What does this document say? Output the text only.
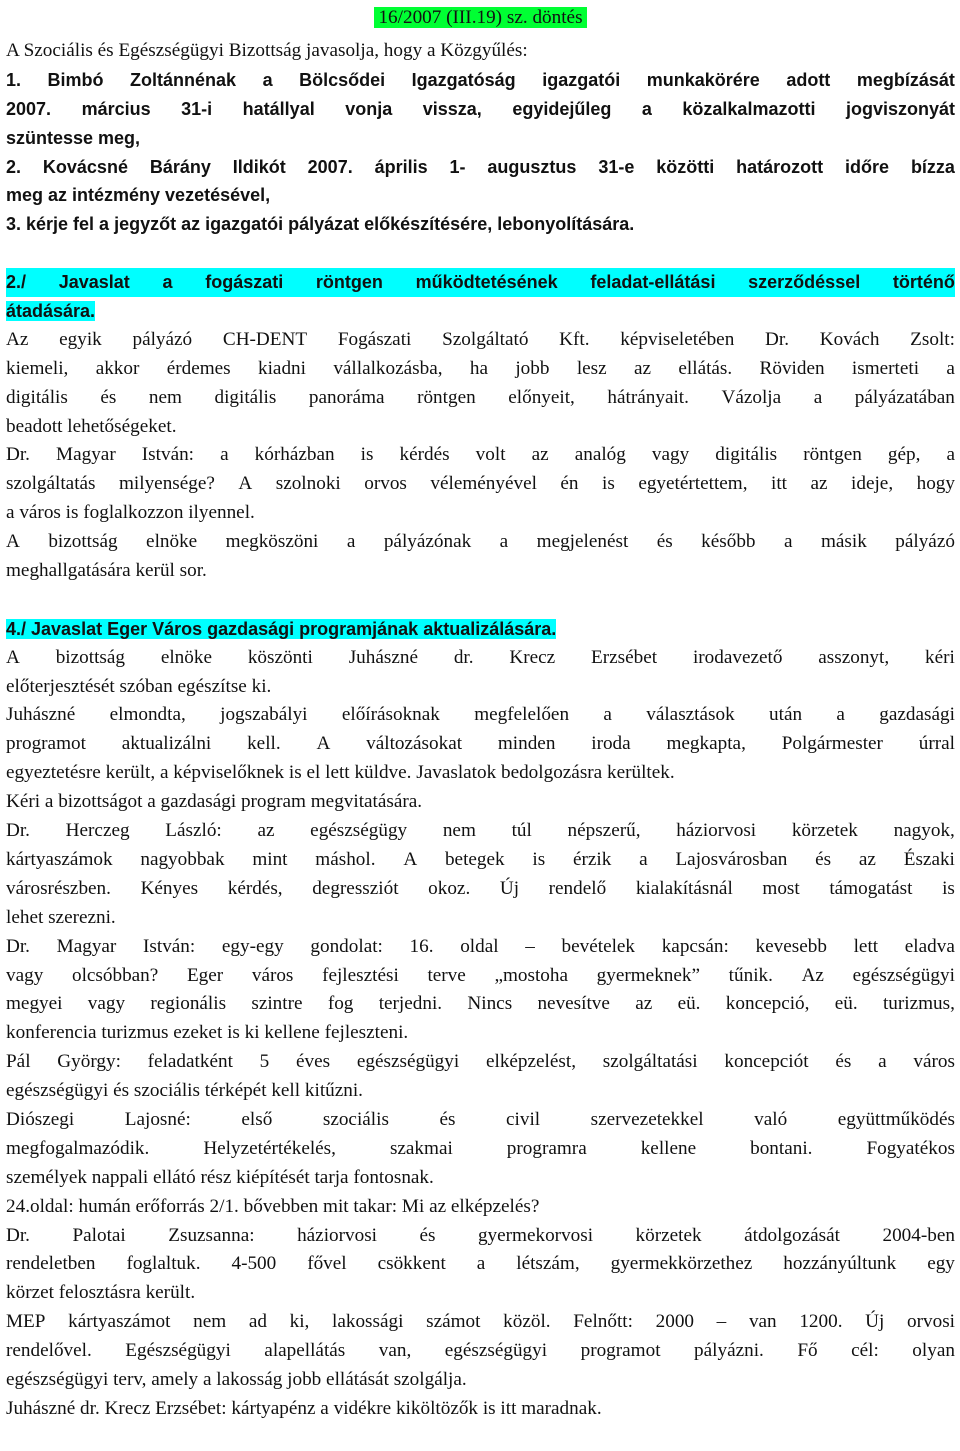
16/2007 (III.19) sz. döntés
A Szociális és Egészségügyi Bizottság javasolja, hogy a Közgyűlés:
1. Bimbó Zoltánnénak a Bölcsődei Igazgatóság igazgatói munkakörére adott megbízását
2007. március 31-i hatállyal vonja vissza, egyidejűleg a közalkalmazotti jogviszonyát
szüntesse meg,
2. Kovácsné Bárány Ildikót 2007. április 1- augusztus 31-e közötti határozott időre bízza
meg az intézmény vezetésével,
3. kérje fel a jegyzőt az igazgatói pályázat előkészítésére, lebonyolítására.
2./ Javaslat a fogászati röntgen működtetésének feladat-ellátási szerződéssel történő
átadására.
Az egyik pályázó CH-DENT Fogászati Szolgáltató Kft. képviseletében Dr. Kovách Zsolt:
kiemeli, akkor érdemes kiadni vállalkozásba, ha jobb lesz az ellátás. Röviden ismerteti a
digitális és nem digitális panoráma röntgen előnyeit, hátrányait. Vázolja a pályázatában
beadott lehetőségeket.
Dr. Magyar István: a kórházban is kérdés volt az analóg vagy digitális röntgen gép, a
szolgáltatás milyensége? A szolnoki orvos véleményével én is egyetértettem, itt az ideje, hogy
a város is foglalkozzon ilyennel.
A bizottság elnöke megköszöni a pályázónak a megjelenést és később a másik pályázó
meghallgatására kerül sor.
4./ Javaslat Eger Város gazdasági programjának aktualizálására.
A bizottság elnöke köszönti Juhászné dr. Krecz Erzsébet irodavezető asszonyt, kéri
előterjesztését szóban egészítse ki.
Juhászné elmondta, jogszabályi előírásoknak megfelelően a választások után a gazdasági
programot aktualizálni kell. A változásokat minden iroda megkapta, Polgármester úrral
egyeztetésre került, a képviselőknek is el lett küldve. Javaslatok bedolgozásra kerültek.
Kéri a bizottságot a gazdasági program megvitatására.
Dr. Herczeg László: az egészségügy nem túl népszerű, háziorvosi körzetek nagyok,
kártyaszámok nagyobbak mint máshol. A betegek is érzik a Lajosvárosban és az Északi
városrészben. Kényes kérdés, degressziót okoz. Új rendelő kialakításnál most támogatást is
lehet szerezni.
Dr. Magyar István: egy-egy gondolat: 16. oldal – bevételek kapcsán: kevesebb lett eladva
vagy olcsóbban? Eger város fejlesztési terve „mostoha gyermeknek” tűnik. Az egészségügyi
megyei vagy regionális szintre fog terjedni. Nincs nevesítve az eü. koncepció, eü. turizmus,
konferencia turizmus ezeket is ki kellene fejleszteni.
Pál György: feladatként 5 éves egészségügyi elképzelést, szolgáltatási koncepciót és a város
egészségügyi és szociális térképét kell kitűzni.
Diószegi	Lajosné:	első	szociális	és	civil	szervezetekkel	való	együttműködés
megfogalmazódik.	Helyzetértékelés,	szakmai	programra	kellene	bontani.	Fogyatékos
személyek nappali ellátó rész kiépítését tarja fontosnak.
24.oldal: humán erőforrás 2/1. bővebben mit takar: Mi az elképzelés?
Dr. Palotai Zsuzsanna: háziorvosi és gyermekorvosi körzetek átdolgozását 2004-ben
rendeletben foglaltuk. 4-500 fővel csökkent a létszám, gyermekkörzethez hozzányúltunk egy
körzet felosztásra került.
MEP kártyaszámot nem ad ki, lakossági számot közöl. Felnőtt: 2000 – van 1200. Új orvosi
rendelővel. Egészségügyi alapellátás van, egészségügyi programot pályázni. Fő cél: olyan
egészségügyi terv, amely a lakosság jobb ellátását szolgálja.
Juhászné dr. Krecz Erzsébet: kártyapénz a vidékre kiköltözők is itt maradnak.
